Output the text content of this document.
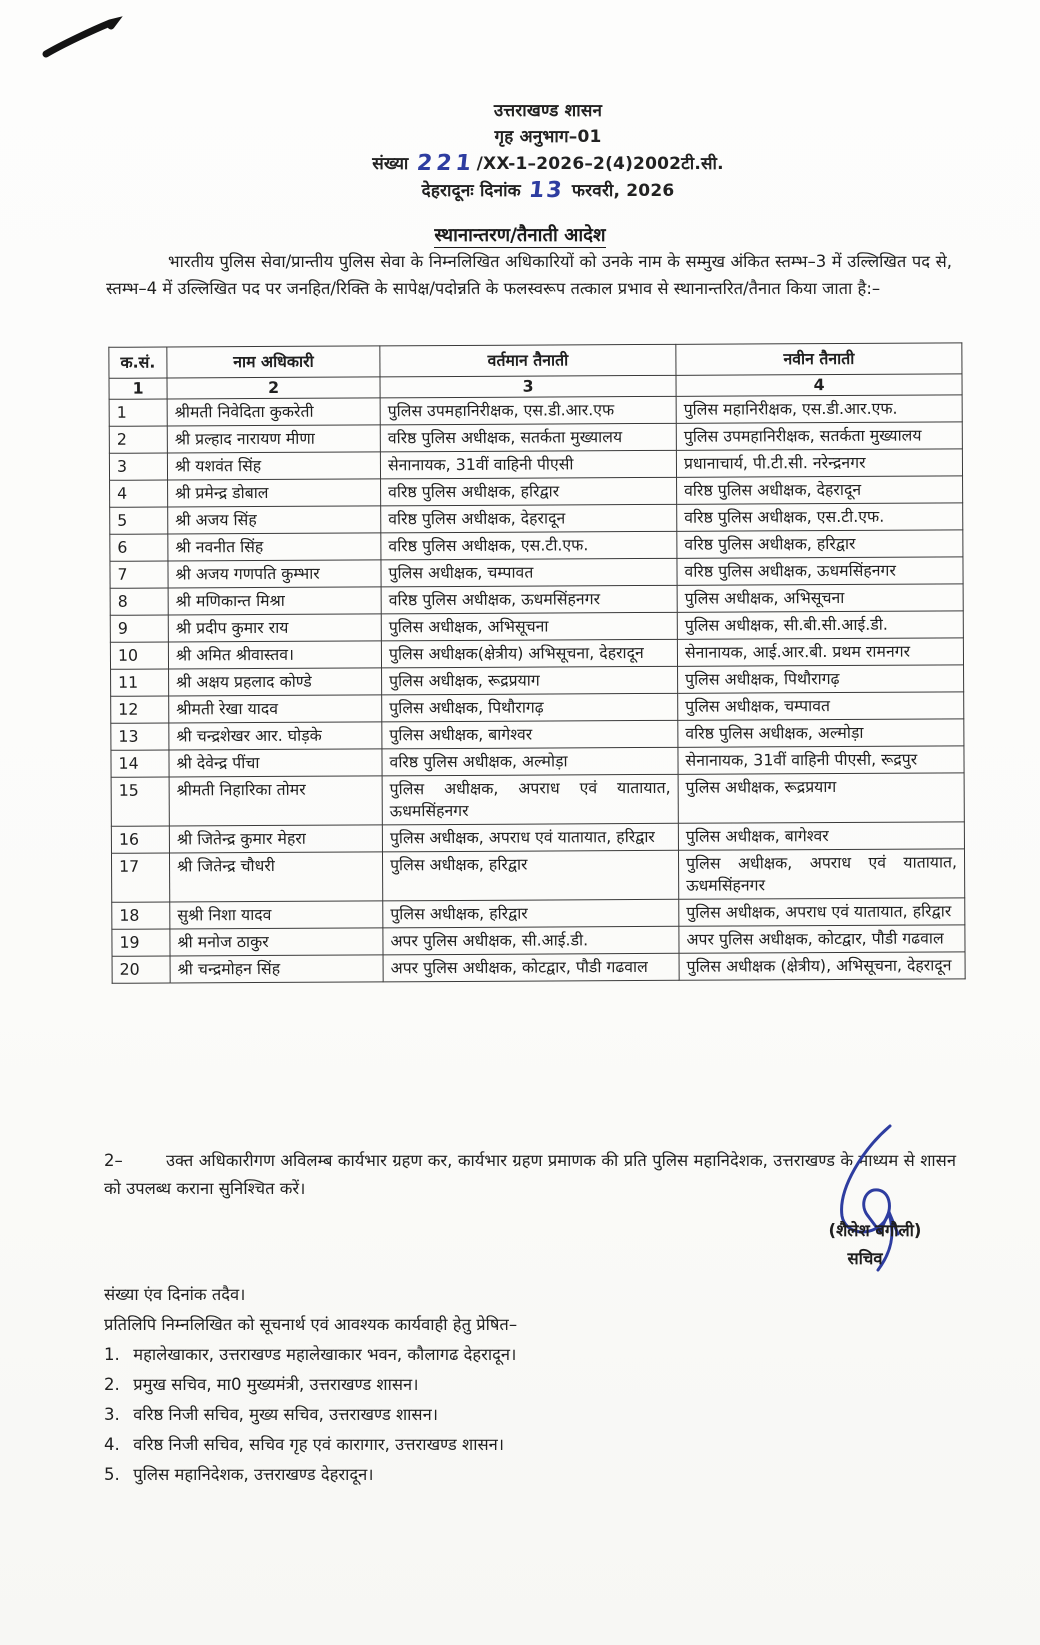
उत्तराखण्ड शासन
गृह अनुभाग–01
संख्या 221/XX-1–2026–2(4)2002टी.सी.
देहरादूनः दिनांक 13 फरवरी, 2026
स्थानान्तरण/तैनाती आदेश
भारतीय पुलिस सेवा/प्रान्तीय पुलिस सेवा के निम्नलिखित अधिकारियों को उनके नाम के सम्मुख अंकित स्तम्भ–3 में उल्लिखित पद से, स्तम्भ–4 में उल्लिखित पद पर जनहित/रिक्ति के सापेक्ष/पदोन्नति के फलस्वरूप तत्काल प्रभाव से स्थानान्तरित/तैनात किया जाता है:–
क.सं.	नाम अधिकारी	वर्तमान तैनाती	नवीन तैनाती
1	2	3	4
1	श्रीमती निवेदिता कुकरेती	पुलिस उपमहानिरीक्षक, एस.डी.आर.एफ	पुलिस महानिरीक्षक, एस.डी.आर.एफ.
2	श्री प्रल्हाद नारायण मीणा	वरिष्ठ पुलिस अधीक्षक, सतर्कता मुख्यालय	पुलिस उपमहानिरीक्षक, सतर्कता मुख्यालय
3	श्री यशवंत सिंह	सेनानायक, 31वीं वाहिनी पीएसी	प्रधानाचार्य, पी.टी.सी. नरेन्द्रनगर
4	श्री प्रमेन्द्र डोबाल	वरिष्ठ पुलिस अधीक्षक, हरिद्वार	वरिष्ठ पुलिस अधीक्षक, देहरादून
5	श्री अजय सिंह	वरिष्ठ पुलिस अधीक्षक, देहरादून	वरिष्ठ पुलिस अधीक्षक, एस.टी.एफ.
6	श्री नवनीत सिंह	वरिष्ठ पुलिस अधीक्षक, एस.टी.एफ.	वरिष्ठ पुलिस अधीक्षक, हरिद्वार
7	श्री अजय गणपति कुम्भार	पुलिस अधीक्षक, चम्पावत	वरिष्ठ पुलिस अधीक्षक, ऊधमसिंहनगर
8	श्री मणिकान्त मिश्रा	वरिष्ठ पुलिस अधीक्षक, ऊधमसिंहनगर	पुलिस अधीक्षक, अभिसूचना
9	श्री प्रदीप कुमार राय	पुलिस अधीक्षक, अभिसूचना	पुलिस अधीक्षक, सी.बी.सी.आई.डी.
10	श्री अमित श्रीवास्तव।	पुलिस अधीक्षक(क्षेत्रीय) अभिसूचना, देहरादून	सेनानायक, आई.आर.बी. प्रथम रामनगर
11	श्री अक्षय प्रहलाद कोण्डे	पुलिस अधीक्षक, रूद्रप्रयाग	पुलिस अधीक्षक, पिथौरागढ़
12	श्रीमती रेखा यादव	पुलिस अधीक्षक, पिथौरागढ़	पुलिस अधीक्षक, चम्पावत
13	श्री चन्द्रशेखर आर. घोड़के	पुलिस अधीक्षक, बागेश्वर	वरिष्ठ पुलिस अधीक्षक, अल्मोड़ा
14	श्री देवेन्द्र पींचा	वरिष्ठ पुलिस अधीक्षक, अल्मोड़ा	सेनानायक, 31वीं वाहिनी पीएसी, रूद्रपुर
15	श्रीमती निहारिका तोमर	पुलिस अधीक्षक, अपराध एवं यातायात, ऊधमसिंहनगर	पुलिस अधीक्षक, रूद्रप्रयाग
16	श्री जितेन्द्र कुमार मेहरा	पुलिस अधीक्षक, अपराध एवं यातायात, हरिद्वार	पुलिस अधीक्षक, बागेश्वर
17	श्री जितेन्द्र चौधरी	पुलिस अधीक्षक, हरिद्वार	पुलिस अधीक्षक, अपराध एवं यातायात, ऊधमसिंहनगर
18	सुश्री निशा यादव	पुलिस अधीक्षक, हरिद्वार	पुलिस अधीक्षक, अपराध एवं यातायात, हरिद्वार
19	श्री मनोज ठाकुर	अपर पुलिस अधीक्षक, सी.आई.डी.	अपर पुलिस अधीक्षक, कोटद्वार, पौडी गढवाल
20	श्री चन्द्रमोहन सिंह	अपर पुलिस अधीक्षक, कोटद्वार, पौडी गढवाल	पुलिस अधीक्षक (क्षेत्रीय), अभिसूचना, देहरादून
2–	उक्त अधिकारीगण अविलम्ब कार्यभार ग्रहण कर, कार्यभार ग्रहण प्रमाणक की प्रति पुलिस महानिदेशक, उत्तराखण्ड के माध्यम से शासन को उपलब्ध कराना सुनिश्चित करें।
(शैलेश बगौली)
सचिव
संख्या एंव दिनांक तदैव।
प्रतिलिपि निम्नलिखित को सूचनार्थ एवं आवश्यक कार्यवाही हेतु प्रेषित–
1. महालेखाकार, उत्तराखण्ड महालेखाकार भवन, कौलागढ देहरादून।
2. प्रमुख सचिव, मा0 मुख्यमंत्री, उत्तराखण्ड शासन।
3. वरिष्ठ निजी सचिव, मुख्य सचिव, उत्तराखण्ड शासन।
4. वरिष्ठ निजी सचिव, सचिव गृह एवं कारागार, उत्तराखण्ड शासन।
5. पुलिस महानिदेशक, उत्तराखण्ड देहरादून।
